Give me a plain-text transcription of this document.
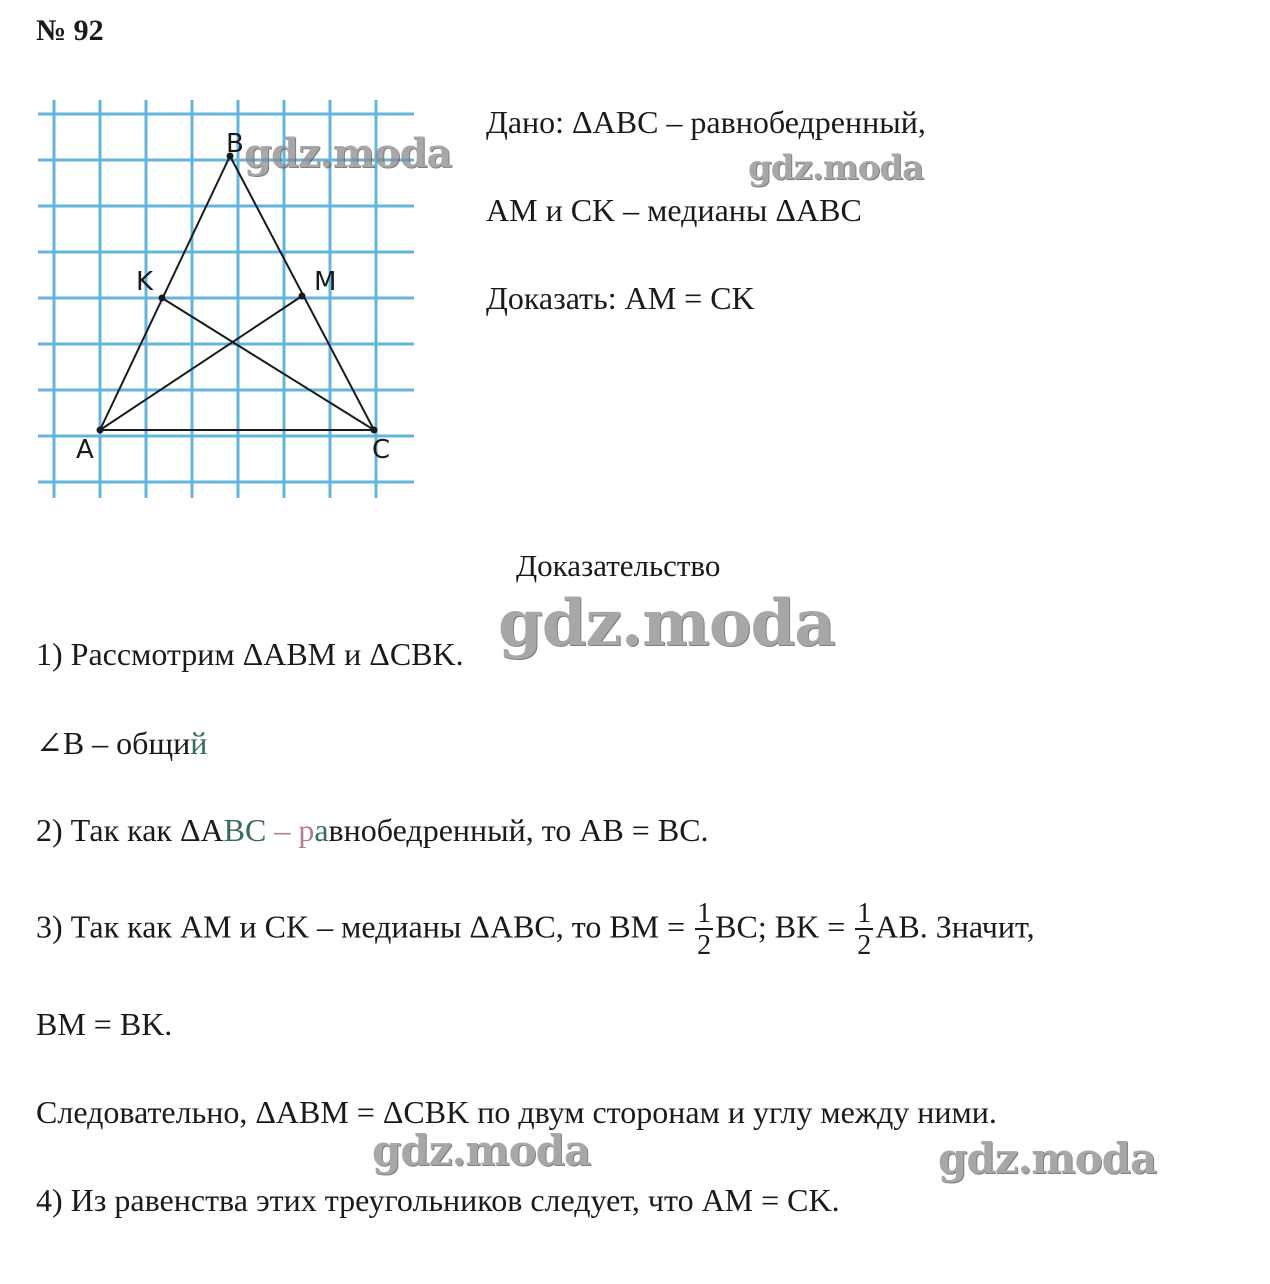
№ 92
B
K	M
A	C
Дано: ΔABC – равнобедренный,
AM и CK – медианы ΔABC
Доказать: AM = CK
Доказательство
1) Рассмотрим ΔABM и ΔCBK.
∠B – общий
2) Так как ΔABC – равнобедренный, то AB = BC.
3) Так как AM и CK – медианы ΔABC, то BM = $\frac{1}{2}$ BC; BK = $\frac{1}{2}$ AB. Значит,
BM = BK.
Следовательно, ΔABM = ΔCBK по двум сторонам и углу между ними.
4) Из равенства этих треугольников следует, что AM = CK.
gdz.moda	gdz.moda
gdz.moda
gdz.moda	gdz.moda
